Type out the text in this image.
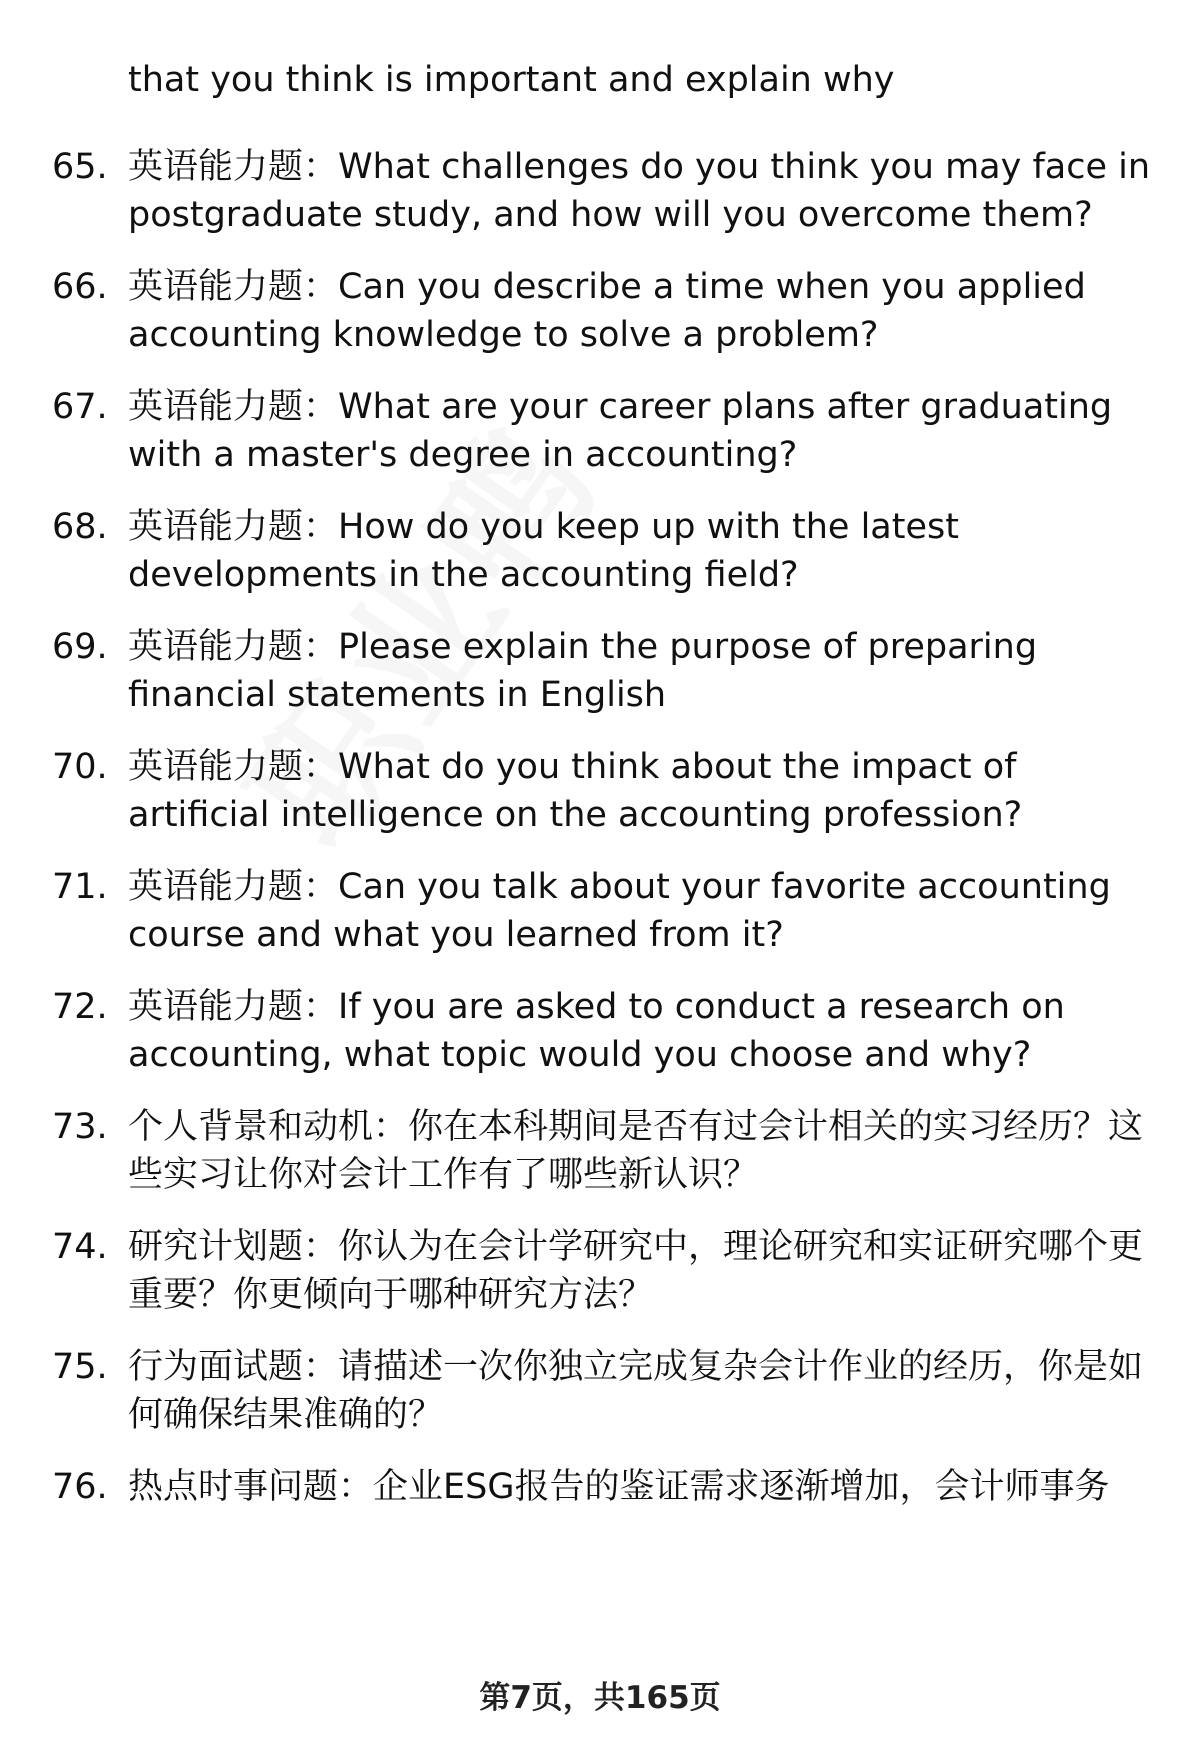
that you think is important and explain why
65. 英语能力题：What challenges do you think you may face in postgraduate study, and how will you overcome them?
66. 英语能力题：Can you describe a time when you applied accounting knowledge to solve a problem?
67. 英语能力题：What are your career plans after graduating with a master's degree in accounting?
68. 英语能力题：How do you keep up with the latest developments in the accounting field?
69. 英语能力题：Please explain the purpose of preparing financial statements in English
70. 英语能力题：What do you think about the impact of artificial intelligence on the accounting profession?
71. 英语能力题：Can you talk about your favorite accounting course and what you learned from it?
72. 英语能力题：If you are asked to conduct a research on accounting, what topic would you choose and why?
73. 个人背景和动机：你在本科期间是否有过会计相关的实习经历？这些实习让你对会计工作有了哪些新认识？
74. 研究计划题：你认为在会计学研究中，理论研究和实证研究哪个更重要？你更倾向于哪种研究方法？
75. 行为面试题：请描述一次你独立完成复杂会计作业的经历，你是如何确保结果准确的？
76. 热点时事问题：企业ESG报告的鉴证需求逐渐增加，会计师事务
第7页，共165页
